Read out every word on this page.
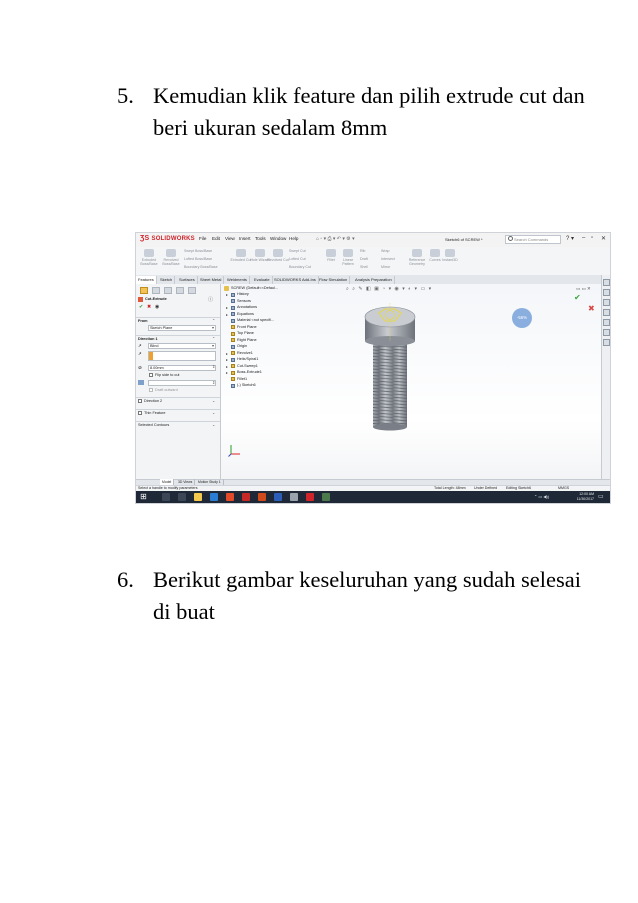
5. Kemudian klik feature dan pilih extrude cut dan beri ukuran sedalam 8mm
ƷS SOLIDWORKS File Edit View Insert Tools Window Help	⌂ ▫ ▾ ⎙ ▾ ↶ ▾ ⚙ ▾	Sketch6 of SCREW *	Search Commands	? ▾ – ▫ ✕
Extruded Boss/Base
Revolved Boss/Base
Swept Boss/Base
Lofted Boss/Base
Boundary Boss/Base
Extruded Cut
Hole Wizard
Revolved Cut
Swept Cut
Lofted Cut
Boundary Cut
Fillet	Linear Pattern
Rib
Draft
Shell
Wrap
Intersect
Mirror
Reference Geometry
Curves Instant3D
Features	Sketch	Surfaces	Sheet Metal	Weldments	Evaluate	SOLIDWORKS Add-Ins Flow Simulation	Analysis Preparation
Cut-Extrude	ⓘ
✔ ✖ ◉
From	⌃
Sketch Plane	▾
Direction 1	⌃
↗ Blind	▾
↗
⊘ 8.00mm	⇕
Flip side to cut
⇕
Draft outward
Direction 2	⌄
Thin Feature	⌄
Selected Contours	⌄
⌕ ⌕ ✎ ◧ ▣ ◔ ▾ ◉ ▾ ◐ ▾ ▭ ▾	▭ ▭ ✕
✔
✖
SCREW (Default<<Defaul...
▸ History
Sensors
▸ Annotations
▸ Equations
Material <not specifi...
Front Plane
Top Plane
Right Plane
Origin
▸ Revolve1
▸ Helix/Spiral1
▸ Cut-Sweep1
▸ Boss-Extrude1
Fillet1
(-) Sketch6
-56%
Model	3D Views	Motion Study 1
Select a handle to modify parameters	Total Length: 48mm Under Defined Editing Sketch6	MMGS
⊞	⌃ ▭ ◀))	12:00 AM
11/30/2017 ▭
6. Berikut gambar keseluruhan yang sudah selesai di buat
